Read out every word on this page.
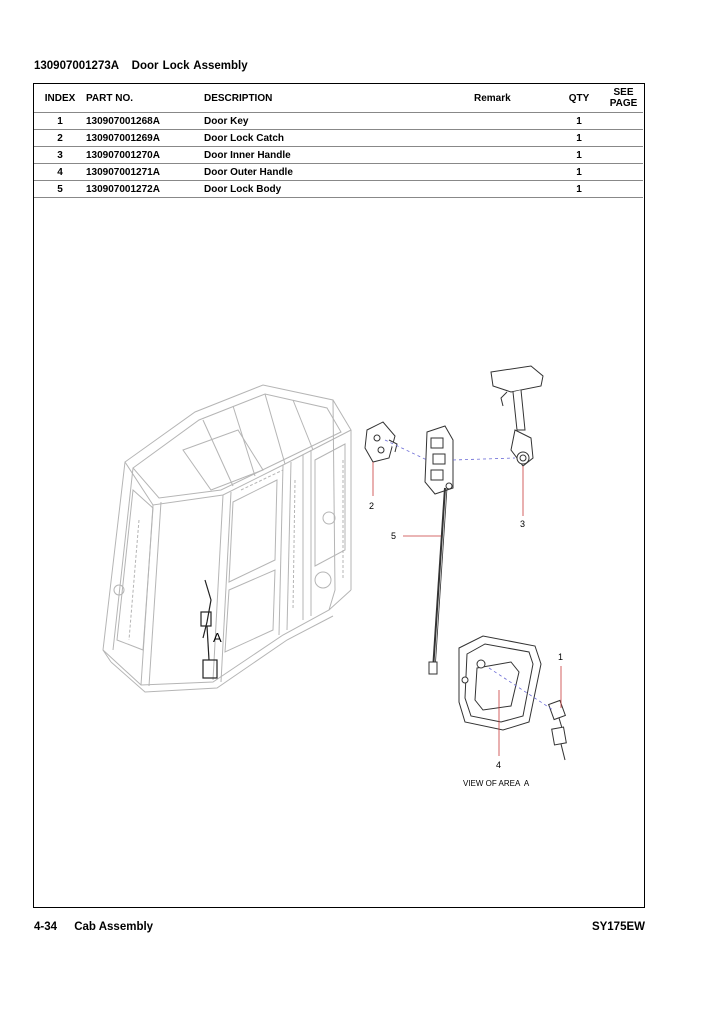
130907001273A Door Lock Assembly
INDEX	PART NO.	DESCRIPTION	Remark	QTY	SEE
PAGE
1	130907001268A	Door Key		1	
2	130907001269A	Door Lock Catch		1	
3	130907001270A	Door Inner Handle		1	
4	130907001271A	Door Outer Handle		1	
5	130907001272A	Door Lock Body		1	
A
2
5
3
1
4
VIEW OF AREA  A
4-34 Cab Assembly	SY175EW
